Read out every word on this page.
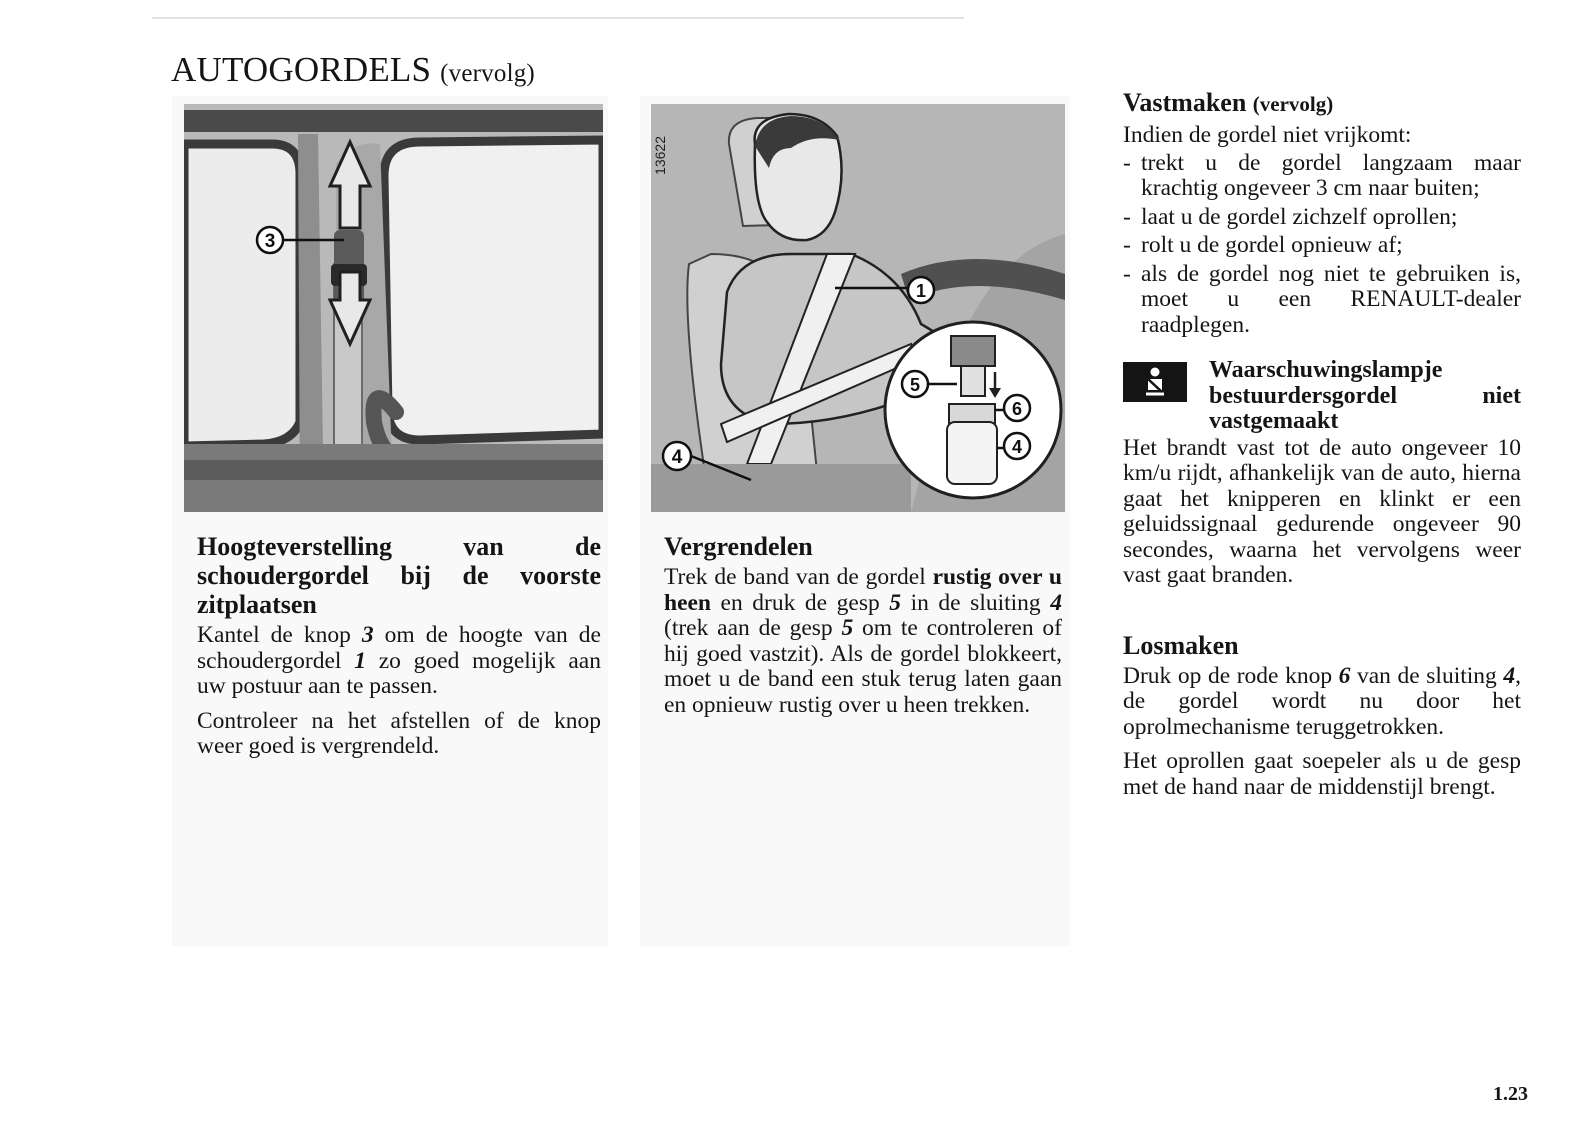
AUTOGORDELS (vervolg)
3
1
4
5
6
4
13622
Hoogteverstelling van de schoudergordel bij de voorste zitplaatsen

Kantel de knop 3 om de hoogte van de schoudergordel 1 zo goed mogelijk aan uw postuur aan te passen.

Controleer na het afstellen of de knop weer goed is vergrendeld.

Vergrendelen

Trek de band van de gordel rustig over u heen en druk de gesp 5 in de sluiting 4 (trek aan de gesp 5 om te controleren of hij goed vastzit). Als de gordel blokkeert, moet u de band een stuk terug laten gaan en opnieuw rustig over u heen trekken.

Vastmaken (vervolg)

Indien de gordel niet vrijkomt:

- trekt u de gordel langzaam maar krachtig ongeveer 3 cm naar buiten;
- laat u de gordel zichzelf oprollen;
- rolt u de gordel opnieuw af;
- als de gordel nog niet te gebruiken is, moet u een RENAULT-dealer raadplegen.
Waarschuwingslampje bestuurdersgordel niet vastgemaakt

Het brandt vast tot de auto ongeveer 10 km/u rijdt, afhankelijk van de auto, hierna gaat het knipperen en klinkt er een geluidssignaal gedurende ongeveer 90 secondes, waarna het vervolgens weer vast gaat branden.

Losmaken

Druk op de rode knop 6 van de sluiting 4, de gordel wordt nu door het oprolmechanisme teruggetrokken.

Het oprollen gaat soepeler als u de gesp met de hand naar de middenstijl brengt.

1.23
